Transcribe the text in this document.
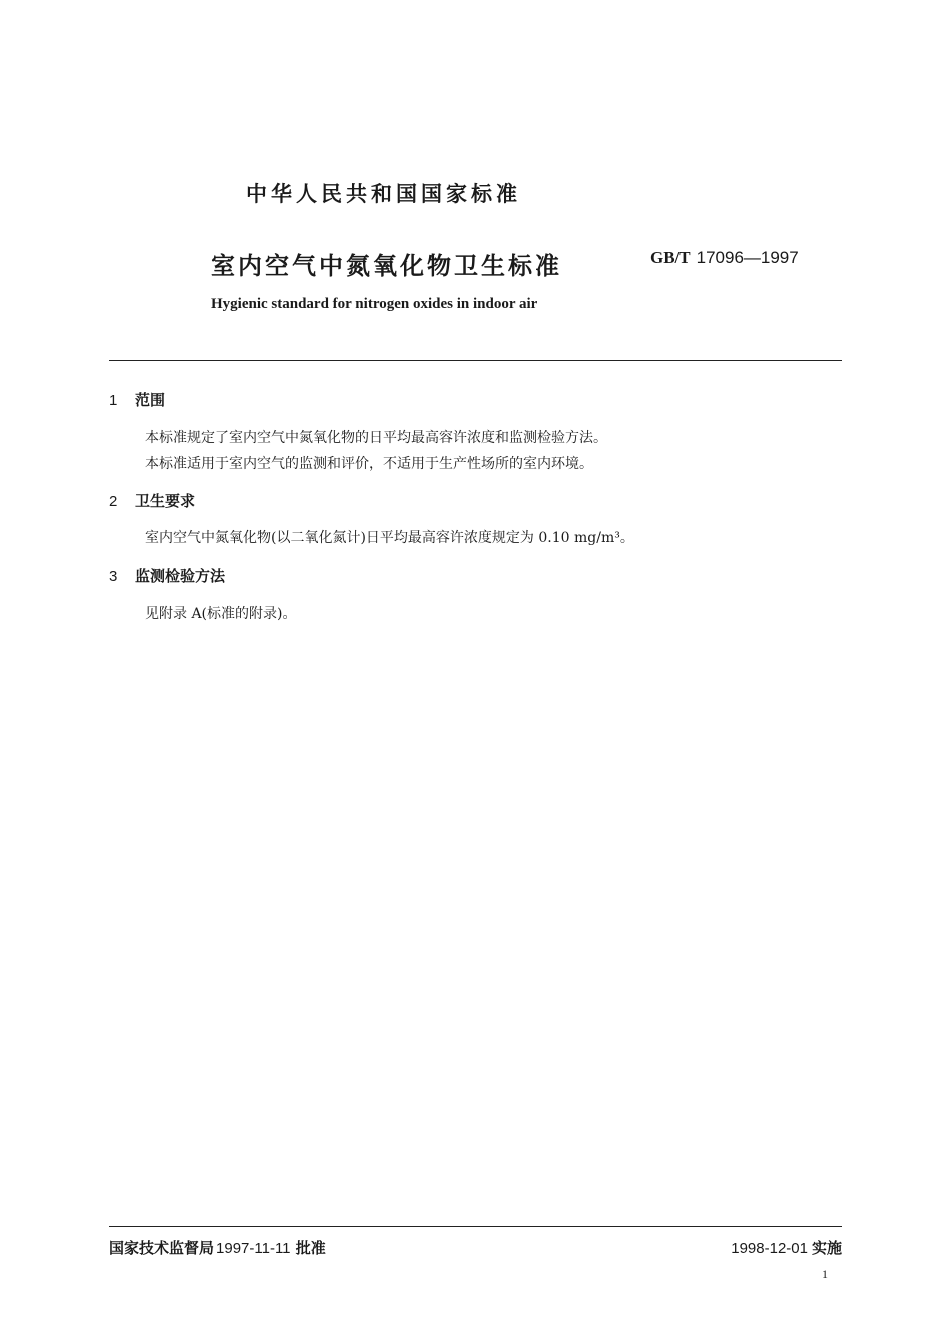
中华人民共和国国家标准
室内空气中氮氧化物卫生标准	GB/T 17096—1997
Hygienic standard for nitrogen oxides in indoor air
1 范围
本标准规定了室内空气中氮氧化物的日平均最高容许浓度和监测检验方法。
本标准适用于室内空气的监测和评价，不适用于生产性场所的室内环境。
2 卫生要求
室内空气中氮氧化物(以二氧化氮计)日平均最高容许浓度规定为 0.10 mg/m³。
3 监测检验方法
见附录 A(标准的附录)。
国家技术监督局 1997-11-11 批准	1998-12-01 实施
1
